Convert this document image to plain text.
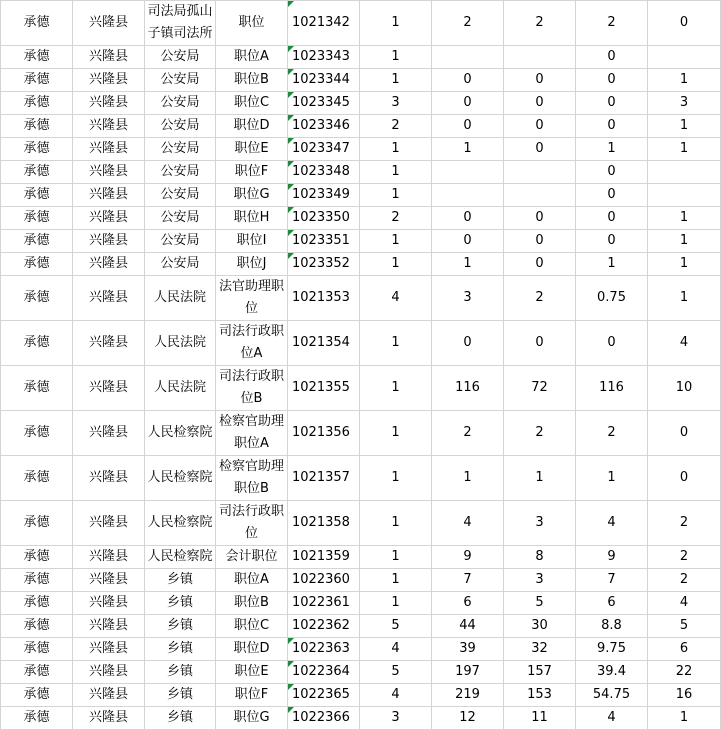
承德	兴隆县	司法局孤山子镇司法所	职位	1021342	1	2	2	2	0
承德	兴隆县	公安局	职位A	1023343	1			0	
承德	兴隆县	公安局	职位B	1023344	1	0	0	0	1
承德	兴隆县	公安局	职位C	1023345	3	0	0	0	3
承德	兴隆县	公安局	职位D	1023346	2	0	0	0	1
承德	兴隆县	公安局	职位E	1023347	1	1	0	1	1
承德	兴隆县	公安局	职位F	1023348	1			0	
承德	兴隆县	公安局	职位G	1023349	1			0	
承德	兴隆县	公安局	职位H	1023350	2	0	0	0	1
承德	兴隆县	公安局	职位I	1023351	1	0	0	0	1
承德	兴隆县	公安局	职位J	1023352	1	1	0	1	1
承德	兴隆县	人民法院	法官助理职位	1021353	4	3	2	0.75	1
承德	兴隆县	人民法院	司法行政职位A	1021354	1	0	0	0	4
承德	兴隆县	人民法院	司法行政职位B	1021355	1	116	72	116	10
承德	兴隆县	人民检察院	检察官助理职位A	1021356	1	2	2	2	0
承德	兴隆县	人民检察院	检察官助理职位B	1021357	1	1	1	1	0
承德	兴隆县	人民检察院	司法行政职位	1021358	1	4	3	4	2
承德	兴隆县	人民检察院	会计职位	1021359	1	9	8	9	2
承德	兴隆县	乡镇	职位A	1022360	1	7	3	7	2
承德	兴隆县	乡镇	职位B	1022361	1	6	5	6	4
承德	兴隆县	乡镇	职位C	1022362	5	44	30	8.8	5
承德	兴隆县	乡镇	职位D	1022363	4	39	32	9.75	6
承德	兴隆县	乡镇	职位E	1022364	5	197	157	39.4	22
承德	兴隆县	乡镇	职位F	1022365	4	219	153	54.75	16
承德	兴隆县	乡镇	职位G	1022366	3	12	11	4	1
